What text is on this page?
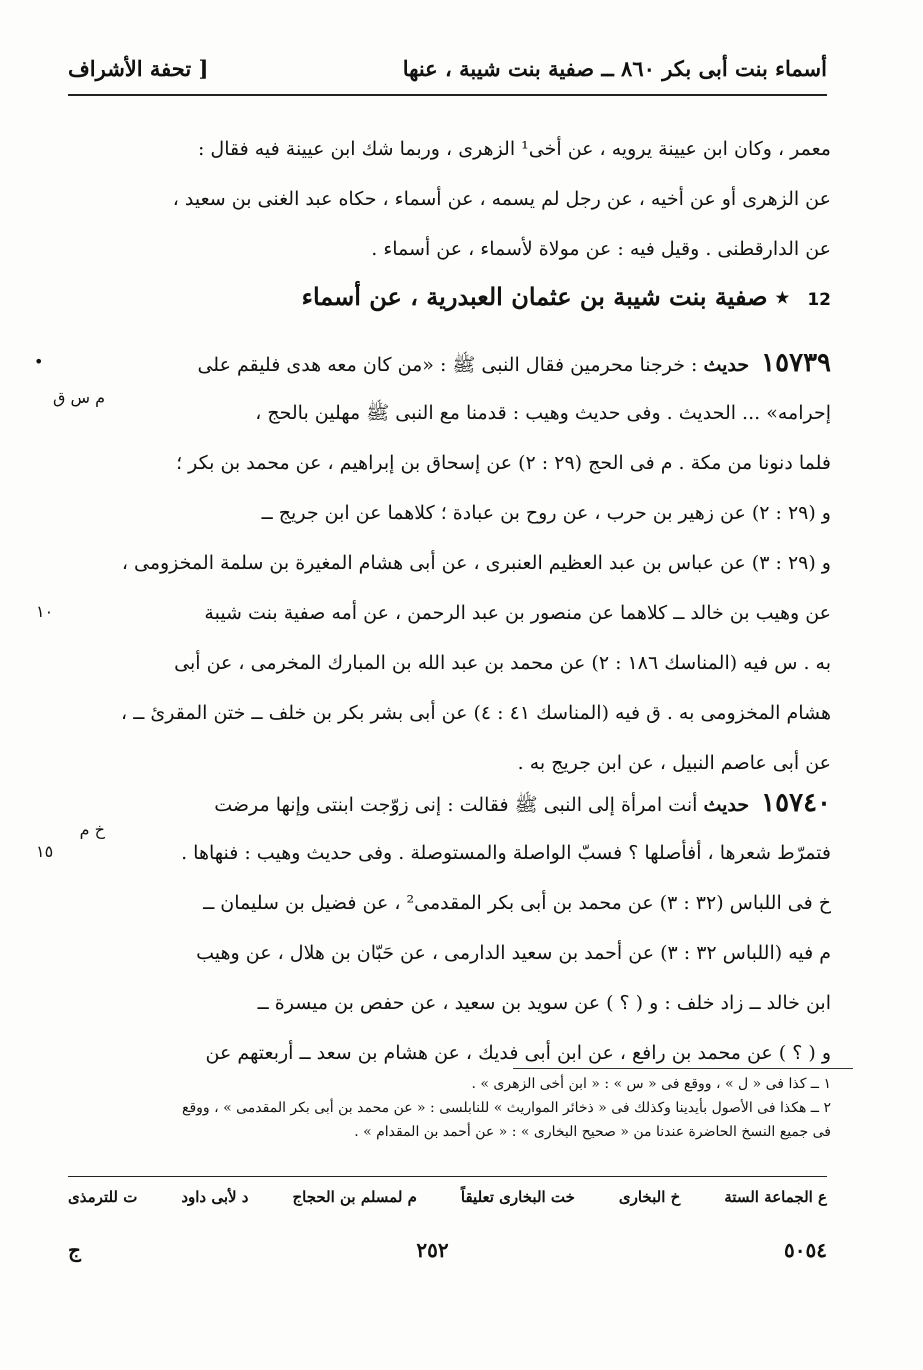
أسماء بنت أبى بكر ٨٦٠ ــ صفية بنت شيبة ، عنها
[ تحفة الأشراف
معمر ، وكان ابن عيينة يرويه ، عن أخى¹ الزهرى ، وربما شك ابن عيينة فيه فقال :
عن الزهرى أو عن أخيه ، عن رجل لم يسمه ، عن أسماء ، حكاه عبد الغنى بن سعيد ،
عن الدارقطنى . وقيل فيه : عن مولاة لأسماء ، عن أسماء .
12 ٭ صفية بنت شيبة بن عثمان العبدرية ، عن أسماء
١٥٧٣٩ حديث : خرجنا محرمين فقال النبى ﷺ : «من كان معه هدى فليقم على
إحرامه» ... الحديث . وفى حديث وهيب : قدمنا مع النبى ﷺ مهلين بالحج ،
فلما دنونا من مكة . م فى الحج (٢٩ : ٢) عن إسحاق بن إبراهيم ، عن محمد بن بكر ؛
و (٢٩ : ٢) عن زهير بن حرب ، عن روح بن عبادة ؛ كلاهما عن ابن جريج ــ
و (٢٩ : ٣) عن عباس بن عبد العظيم العنبرى ، عن أبى هشام المغيرة بن سلمة المخزومى ،
عن وهيب بن خالد ــ كلاهما عن منصور بن عبد الرحمن ، عن أمه صفية بنت شيبة
به . س فيه (المناسك ١٨٦ : ٢) عن محمد بن عبد الله بن المبارك المخرمى ، عن أبى
هشام المخزومى به . ق فيه (المناسك ٤١ : ٤) عن أبى بشر بكر بن خلف ــ ختن المقرئ ــ ،
عن أبى عاصم النبيل ، عن ابن جريج به .
•
م س ق
١٠
١٥٧٤٠ حديث أنت امرأة إلى النبى ﷺ فقالت : إنى زوّجت ابنتى وإنها مرضت
فتمرّط شعرها ، أفأصلها ؟ فسبّ الواصلة والمستوصلة . وفى حديث وهيب : فنهاها .
خ فى اللباس (٣٢ : ٣) عن محمد بن أبى بكر المقدمى² ، عن فضيل بن سليمان ــ
م فيه (اللباس ٣٢ : ٣) عن أحمد بن سعيد الدارمى ، عن حَبّان بن هلال ، عن وهيب
ابن خالد ــ زاد خلف : و ( ؟ ) عن سويد بن سعيد ، عن حفص بن ميسرة ــ
و ( ؟ ) عن محمد بن رافع ، عن ابن أبى فديك ، عن هشام بن سعد ــ أربعتهم عن
خ م
١٥
١ ــ كذا فى « ل » ، ووقع فى « س » : « ابن أخى الزهرى » .
٢ ــ هكذا فى الأصول بأيدينا وكذلك فى « ذخائر المواريث » للنابلسى : « عن محمد بن أبى بكر المقدمى » ، ووقع
فى جميع النسخ الحاضرة عندنا من « صحيح البخارى » : « عن أحمد بن المقدام » .
ع الجماعة الستة
خ البخارى
خت البخارى تعليقاً
م لمسلم بن الحجاج
د لأبى داود
ت للترمذى
٥٠٥٤
٢٥٢
ج
